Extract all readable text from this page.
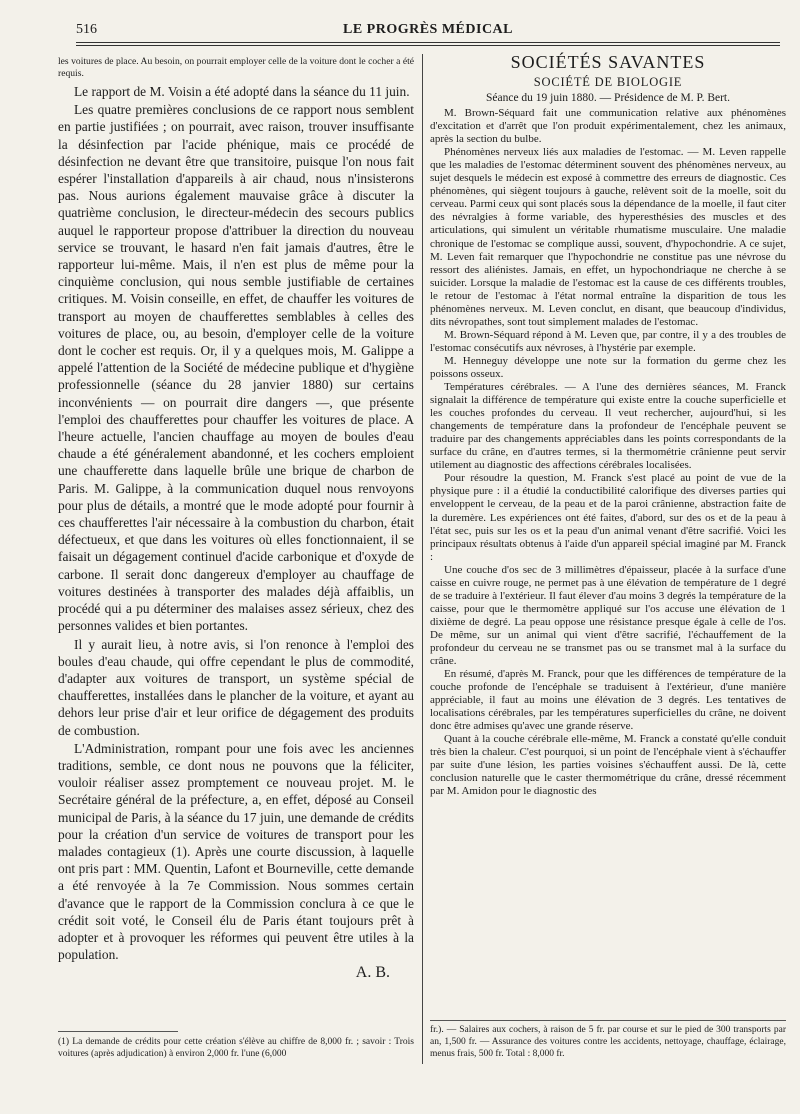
516	LE PROGRÈS MÉDICAL

les voitures de place. Au besoin, on pourrait employer celle de la voiture dont le cocher a été requis.

Le rapport de M. Voisin a été adopté dans la séance du 11 juin.

Les quatre premières conclusions de ce rapport nous semblent en partie justifiées ; on pourrait, avec raison, trouver insuffisante la désinfection par l'acide phénique, mais ce procédé de désinfection ne devant être que transitoire, puisque l'on nous fait espérer l'installation d'appareils à air chaud, nous n'insisterons pas. Nous aurions également mauvaise grâce à discuter la quatrième conclusion, le directeur-médecin des secours publics auquel le rapporteur propose d'attribuer la direction du nouveau service se trouvant, le hasard n'en fait jamais d'autres, être le rapporteur lui-même. Mais, il n'en est plus de même pour la cinquième conclusion, qui nous semble justifiable de certaines critiques. M. Voisin conseille, en effet, de chauffer les voitures de transport au moyen de chaufferettes semblables à celles des voitures de place, ou, au besoin, d'employer celle de la voiture dont le cocher est requis. Or, il y a quelques mois, M. Galippe a appelé l'attention de la Société de médecine publique et d'hygiène professionnelle (séance du 28 janvier 1880) sur certains inconvénients — on pourrait dire dangers —, que présente l'emploi des chaufferettes pour chauffer les voitures de place. A l'heure actuelle, l'ancien chauffage au moyen de boules d'eau chaude a été généralement abandonné, et les cochers emploient une chaufferette dans laquelle brûle une brique de charbon de Paris. M. Galippe, à la communication duquel nous renvoyons pour plus de détails, a montré que le mode adopté pour fournir à ces chaufferettes l'air nécessaire à la combustion du charbon, était défectueux, et que dans les voitures où elles fonctionnaient, il se faisait un dégagement continuel d'acide carbonique et d'oxyde de carbone. Il serait donc dangereux d'employer au chauffage de voitures destinées à transporter des malades déjà affaiblis, un procédé qui a pu déterminer des malaises assez sérieux, chez des personnes valides et bien portantes.

Il y aurait lieu, à notre avis, si l'on renonce à l'emploi des boules d'eau chaude, qui offre cependant le plus de commodité, d'adapter aux voitures de transport, un système spécial de chaufferettes, installées dans le plancher de la voiture, et ayant au dehors leur prise d'air et leur orifice de dégagement des produits de combustion.

L'Administration, rompant pour une fois avec les anciennes traditions, semble, ce dont nous ne pouvons que la féliciter, vouloir réaliser assez promptement ce nouveau projet. M. le Secrétaire général de la préfecture, a, en effet, déposé au Conseil municipal de Paris, à la séance du 17 juin, une demande de crédits pour la création d'un service de voitures de transport pour les malades contagieux (1). Après une courte discussion, à laquelle ont pris part : MM. Quentin, Lafont et Bourneville, cette demande a été renvoyée à la 7e Commission. Nous sommes certain d'avance que le rapport de la Commission conclura à ce que le crédit soit voté, le Conseil élu de Paris étant toujours prêt à adopter et à provoquer les réformes qui peuvent être utiles à la population.

A. B.
(1) La demande de crédits pour cette création s'élève au chiffre de 8,000 fr. ; savoir : Trois voitures (après adjudication) à environ 2,000 fr. l'une (6,000
SOCIÉTÉS SAVANTES
SOCIÉTÉ DE BIOLOGIE

Séance du 19 juin 1880. — Présidence de M. P. Bert.

M. Brown-Séquard fait une communication relative aux phénomènes d'excitation et d'arrêt que l'on produit expérimentalement, chez les animaux, après la section du bulbe.

Phénomènes nerveux liés aux maladies de l'estomac. — M. Leven rappelle que les maladies de l'estomac déterminent souvent des phénomènes nerveux, au sujet desquels le médecin est exposé à commettre des erreurs de diagnostic. Ces phénomènes, qui siègent toujours à gauche, relèvent soit de la moelle, soit du cerveau. Parmi ceux qui sont placés sous la dépendance de la moelle, il faut citer des névralgies à forme variable, des hyperesthésies des muscles et des articulations, qui simulent un véritable rhumatisme musculaire. Une maladie chronique de l'estomac se complique aussi, souvent, d'hypochondrie. A ce sujet, M. Leven fait remarquer que l'hypochondrie ne constitue pas une névrose du ressort des aliénistes. Jamais, en effet, un hypochondriaque ne cherche à se suicider. Lorsque la maladie de l'estomac est la cause de ces différents troubles, le retour de l'estomac à l'état normal entraîne la disparition de tous les phénomènes nerveux. M. Leven conclut, en disant, que beaucoup d'individus, dits névropathes, sont tout simplement malades de l'estomac.

M. Brown-Séquard répond à M. Leven que, par contre, il y a des troubles de l'estomac consécutifs aux névroses, à l'hystérie par exemple.

M. Henneguy développe une note sur la formation du germe chez les poissons osseux.

Températures cérébrales. — A l'une des dernières séances, M. Franck signalait la différence de température qui existe entre la couche superficielle et les couches profondes du cerveau. Il veut rechercher, aujourd'hui, si les changements de température dans la profondeur de l'encéphale peuvent se traduire par des changements appréciables dans les points correspondants de la surface du crâne, en d'autres termes, si la thermométrie crânienne peut servir utilement au diagnostic des affections cérébrales localisées.

Pour résoudre la question, M. Franck s'est placé au point de vue de la physique pure : il a étudié la conductibilité calorifique des diverses parties qui enveloppent le cerveau, de la peau et de la paroi crânienne, abstraction faite de la duremère. Les expériences ont été faites, d'abord, sur des os et de la peau à l'état sec, puis sur les os et la peau d'un animal venant d'être sacrifié. Voici les principaux résultats obtenus à l'aide d'un appareil spécial imaginé par M. Franck :

Une couche d'os sec de 3 millimètres d'épaisseur, placée à la surface d'une caisse en cuivre rouge, ne permet pas à une élévation de température de 1 degré de se traduire à l'extérieur. Il faut élever d'au moins 3 degrés la température de la caisse, pour que le thermomètre appliqué sur l'os accuse une élévation de 1 dixième de degré. La peau oppose une résistance presque égale à celle de l'os. De même, sur un animal qui vient d'être sacrifié, l'échauffement de la profondeur du cerveau ne se transmet pas ou se transmet mal à la surface du crâne.

En résumé, d'après M. Franck, pour que les différences de température de la couche profonde de l'encéphale se traduisent à l'extérieur, d'une manière appréciable, il faut au moins une élévation de 3 degrés. Les tentatives de localisations cérébrales, par les températures superficielles du crâne, ne doivent donc être admises qu'avec une grande réserve.

Quant à la couche cérébrale elle-même, M. Franck a constaté qu'elle conduit très bien la chaleur. C'est pourquoi, si un point de l'encéphale vient à s'échauffer par suite d'une lésion, les parties voisines s'échauffent aussi. De là, cette conclusion naturelle que le caster thermométrique du crâne, dressé récemment par M. Amidon pour le diagnostic des

fr.). — Salaires aux cochers, à raison de 5 fr. par course et sur le pied de 300 transports par an, 1,500 fr. — Assurance des voitures contre les accidents, nettoyage, chauffage, éclairage, menus frais, 500 fr. Total : 8,000 fr.
